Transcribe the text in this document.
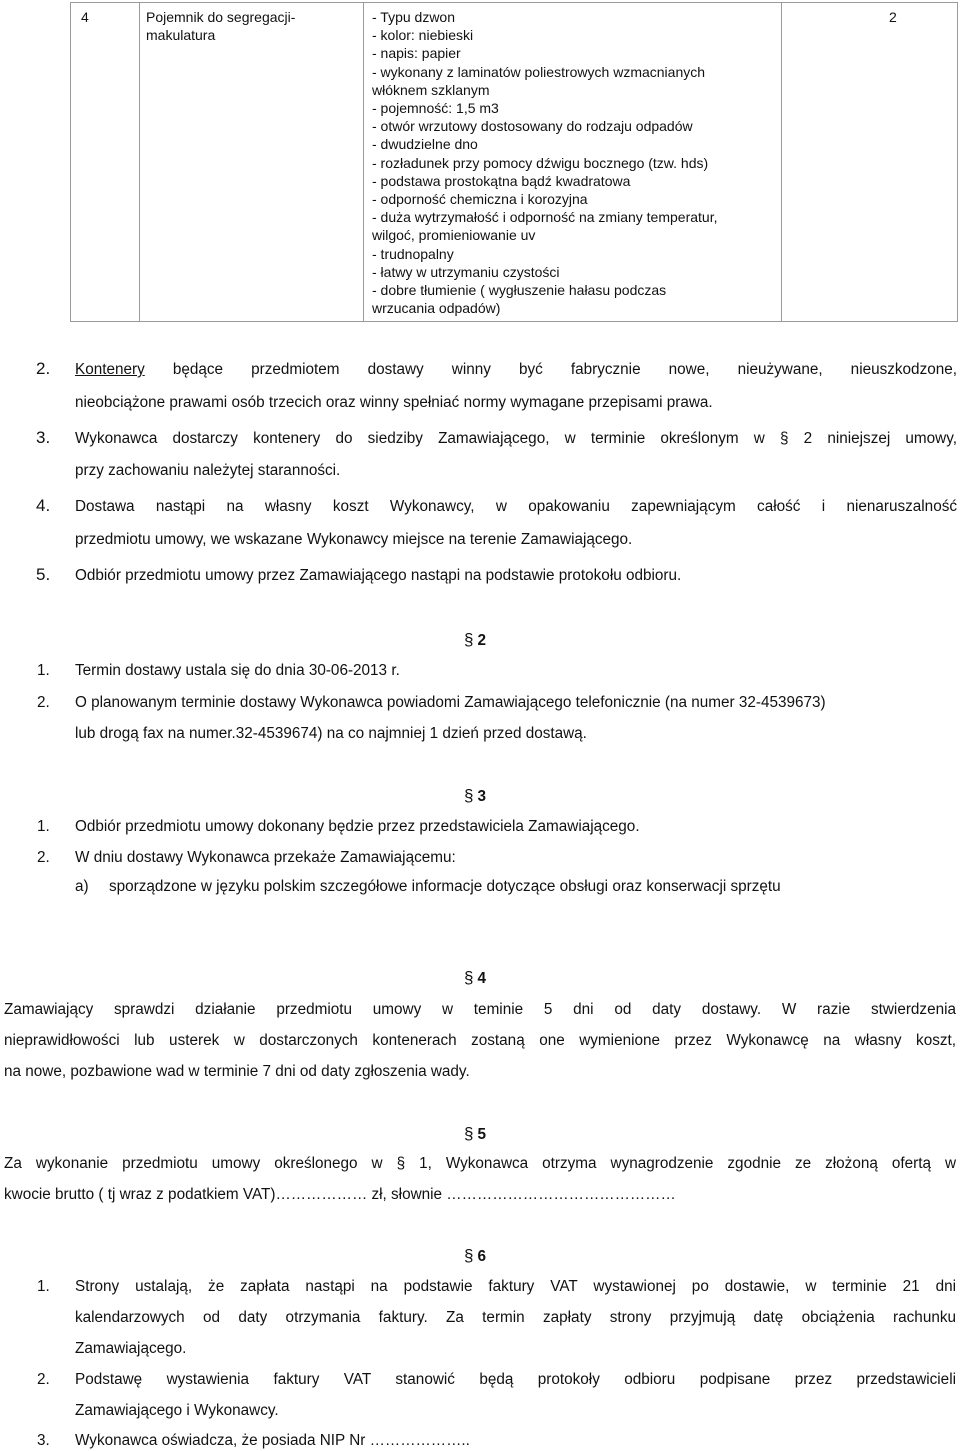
4	Pojemnik do segregacji-
makulatura
- Typu dzwon
- kolor: niebieski
- napis: papier
- wykonany z laminatów poliestrowych wzmacnianych
włóknem szklanym
- pojemność: 1,5 m3
- otwór wrzutowy dostosowany do rodzaju odpadów
- dwudzielne dno
- rozładunek przy pomocy dźwigu bocznego (tzw. hds)
- podstawa prostokątna bądź kwadratowa
- odporność chemiczna i korozyjna
- duża wytrzymałość i odporność na zmiany temperatur,
wilgoć, promieniowanie uv
- trudnopalny
- łatwy w utrzymaniu czystości
- dobre tłumienie ( wygłuszenie hałasu podczas
wrzucania odpadów)
2
2. Kontenery będące przedmiotem dostawy winny być fabrycznie nowe, nieużywane, nieuszkodzone,
nieobciążone prawami osób trzecich oraz winny spełniać normy wymagane przepisami prawa.
3. Wykonawca dostarczy kontenery do siedziby Zamawiającego, w terminie określonym w § 2 niniejszej umowy,
przy zachowaniu należytej staranności.
4. Dostawa nastąpi na własny koszt Wykonawcy, w opakowaniu zapewniającym całość i nienaruszalność
przedmiotu umowy, we wskazane Wykonawcy miejsce na terenie Zamawiającego.
5. Odbiór przedmiotu umowy przez Zamawiającego nastąpi na podstawie protokołu odbioru.
§ 2
1. Termin dostawy ustala się do dnia 30-06-2013 r.
2. O planowanym terminie dostawy Wykonawca powiadomi Zamawiającego telefonicznie (na numer 32-4539673)
lub drogą fax na numer.32-4539674) na co najmniej 1 dzień przed dostawą.
§ 3
1. Odbiór przedmiotu umowy dokonany będzie przez przedstawiciela Zamawiającego.
2. W dniu dostawy Wykonawca przekaże Zamawiającemu:
a) sporządzone w języku polskim szczegółowe informacje dotyczące obsługi oraz konserwacji sprzętu
§ 4
Zamawiający sprawdzi działanie przedmiotu umowy w teminie 5 dni od daty dostawy. W razie stwierdzenia
nieprawidłowości lub usterek w dostarczonych kontenerach zostaną one wymienione przez Wykonawcę na własny koszt,
na nowe, pozbawione wad w terminie 7 dni od daty zgłoszenia wady.
§ 5
Za wykonanie przedmiotu umowy określonego w § 1, Wykonawca otrzyma wynagrodzenie zgodnie ze złożoną ofertą w
kwocie brutto ( tj wraz z podatkiem VAT)……………… zł, słownie ………………………………………
§ 6
1. Strony ustalają, że zapłata nastąpi na podstawie faktury VAT wystawionej po dostawie, w terminie 21 dni
kalendarzowych od daty otrzymania faktury. Za termin zapłaty strony przyjmują datę obciążenia rachunku
Zamawiającego.
2. Podstawę wystawienia faktury VAT stanowić będą protokoły odbioru podpisane przez przedstawicieli
Zamawiającego i Wykonawcy.
3. Wykonawca oświadcza, że posiada NIP Nr ………………..
